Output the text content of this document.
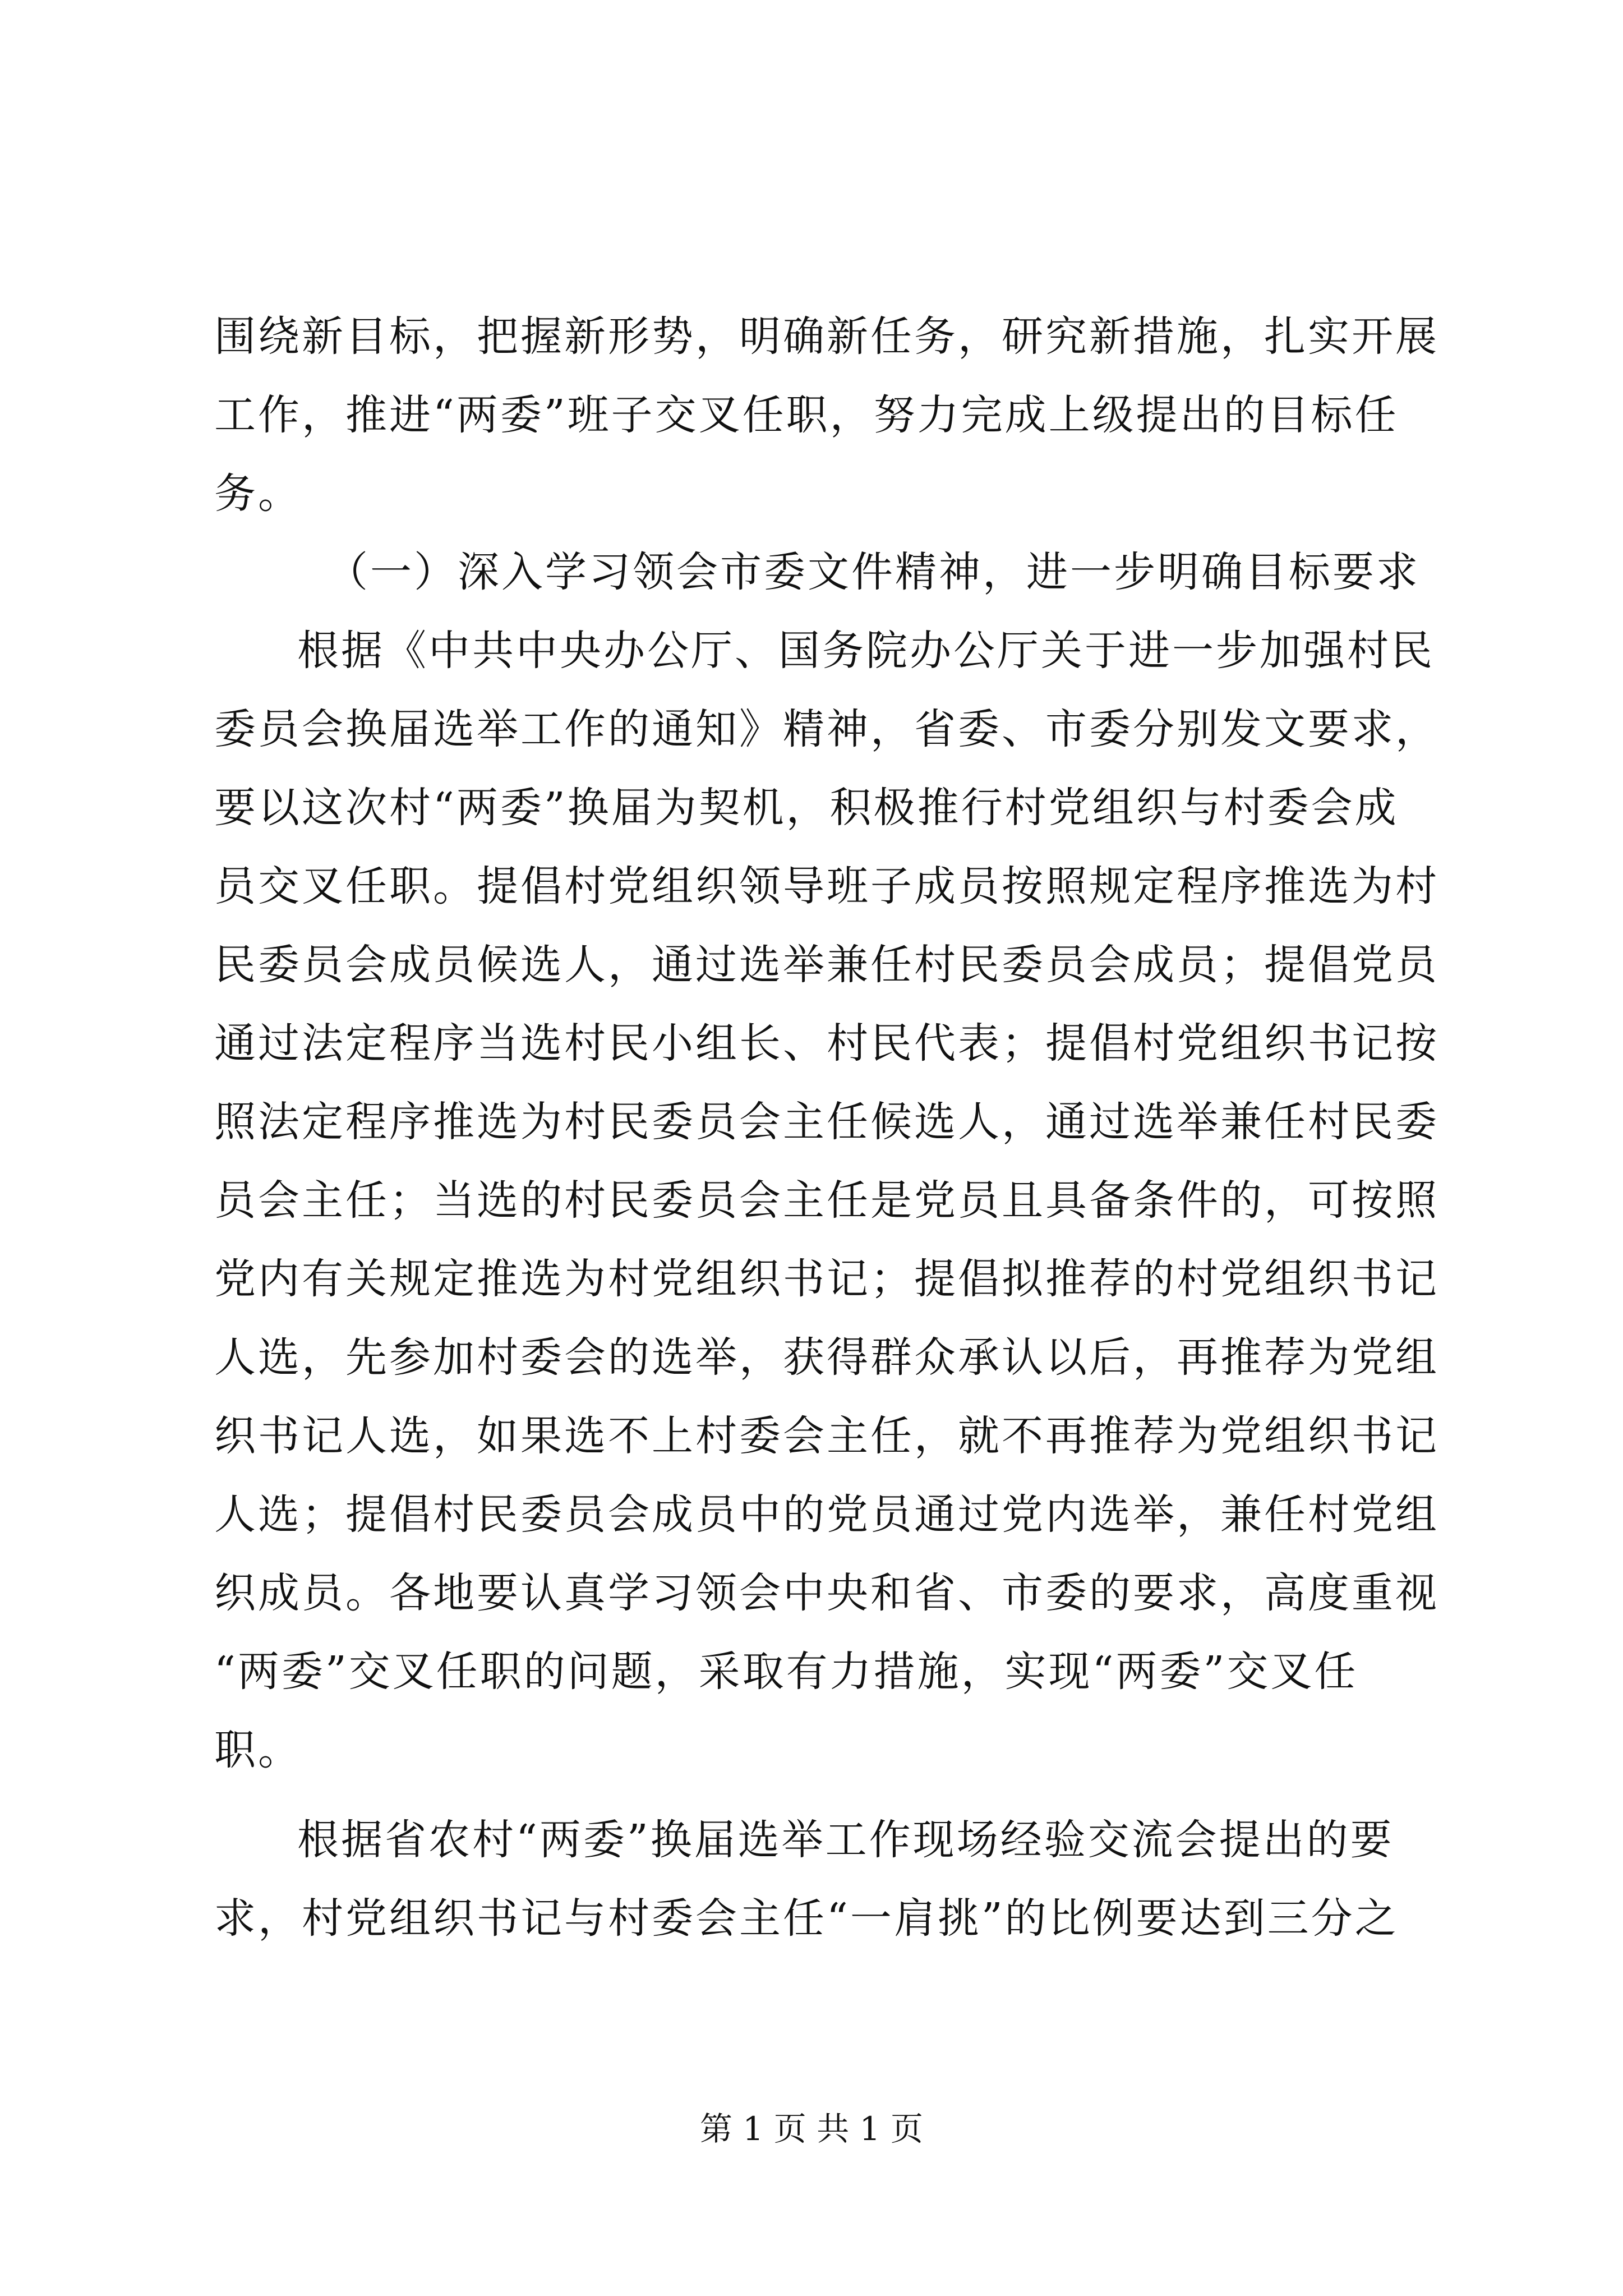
围绕新目标，把握新形势，明确新任务，研究新措施，扎实开展
工作，推进“两委”班子交叉任职，努力完成上级提出的目标任
务。
（一）深入学习领会市委文件精神，进一步明确目标要求
根据《中共中央办公厅、国务院办公厅关于进一步加强村民
委员会换届选举工作的通知》精神，省委、市委分别发文要求，
要以这次村“两委”换届为契机，积极推行村党组织与村委会成
员交叉任职。提倡村党组织领导班子成员按照规定程序推选为村
民委员会成员候选人，通过选举兼任村民委员会成员；提倡党员
通过法定程序当选村民小组长、村民代表；提倡村党组织书记按
照法定程序推选为村民委员会主任候选人，通过选举兼任村民委
员会主任；当选的村民委员会主任是党员且具备条件的，可按照
党内有关规定推选为村党组织书记；提倡拟推荐的村党组织书记
人选，先参加村委会的选举，获得群众承认以后，再推荐为党组
织书记人选，如果选不上村委会主任，就不再推荐为党组织书记
人选；提倡村民委员会成员中的党员通过党内选举，兼任村党组
织成员。各地要认真学习领会中央和省、市委的要求，高度重视
“两委”交叉任职的问题，采取有力措施，实现“两委”交叉任
职。
根据省农村“两委”换届选举工作现场经验交流会提出的要
求，村党组织书记与村委会主任“一肩挑”的比例要达到三分之
第 1 页 共 1 页
